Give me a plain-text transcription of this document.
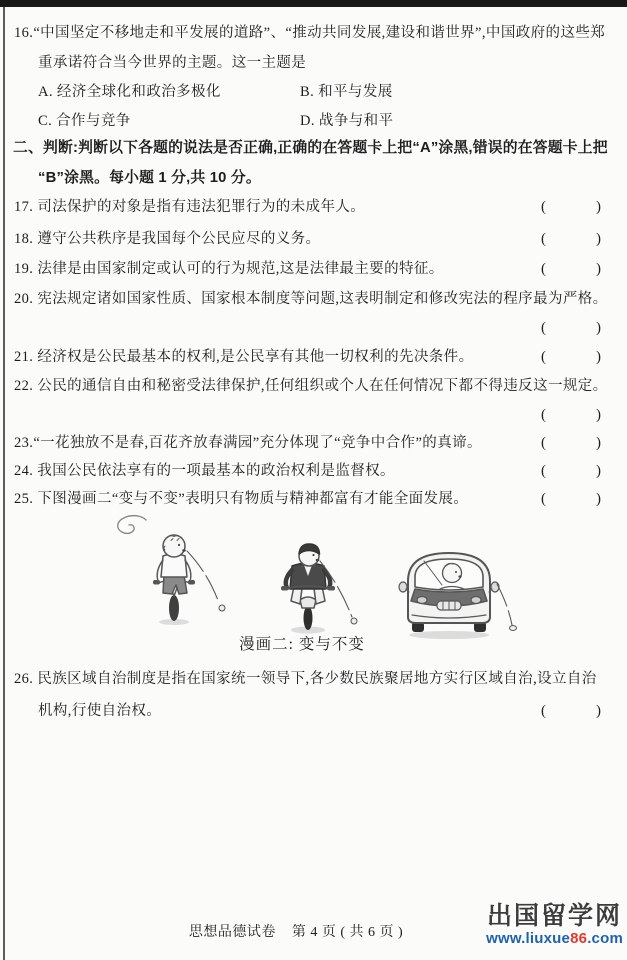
16.“中国坚定不移地走和平发展的道路”、“推动共同发展,建设和谐世界”,中国政府的这些郑
重承诺符合当今世界的主题。这一主题是
A. 经济全球化和政治多极化	B. 和平与发展
C. 合作与竞争	D. 战争与和平
二、判断:判断以下各题的说法是否正确,正确的在答题卡上把“A”涂黑,错误的在答题卡上把
“B”涂黑。每小题 1 分,共 10 分。
17. 司法保护的对象是指有违法犯罪行为的未成年人。	(	)
18. 遵守公共秩序是我国每个公民应尽的义务。	(	)
19. 法律是由国家制定或认可的行为规范,这是法律最主要的特征。	(	)
20. 宪法规定诸如国家性质、国家根本制度等问题,这表明制定和修改宪法的程序最为严格。
(	)
21. 经济权是公民最基本的权利,是公民享有其他一切权利的先决条件。	(	)
22. 公民的通信自由和秘密受法律保护,任何组织或个人在任何情况下都不得违反这一规定。
(	)
23.“一花独放不是春,百花齐放春满园”充分体现了“竞争中合作”的真谛。	(	)
24. 我国公民依法享有的一项最基本的政治权利是监督权。	(	)
25. 下图漫画二“变与不变”表明只有物质与精神都富有才能全面发展。	(	)
漫画二: 变与不变
26. 民族区域自治制度是指在国家统一领导下,各少数民族聚居地方实行区域自治,设立自治
机构,行使自治权。	(	)
思想品德试卷    第 4 页 ( 共 6 页 )
出国留学网
www.liuxue86.com
